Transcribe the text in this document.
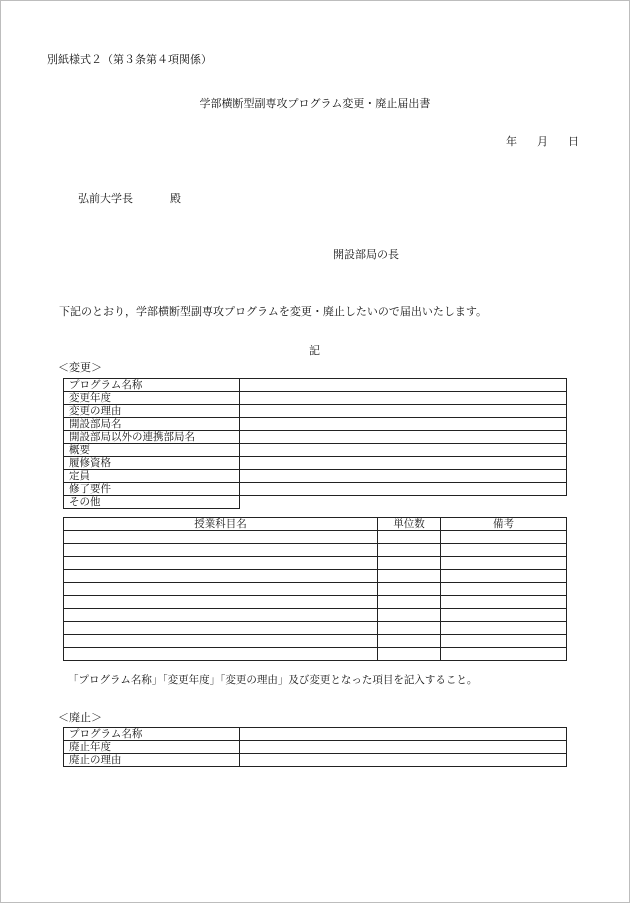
別紙様式２（第３条第４項関係）
学部横断型副専攻プログラム変更・廃止届出書
年 月 日
弘前大学長	殿
開設部局の長
下記のとおり，学部横断型副専攻プログラムを変更・廃止したいので届出いたします。
記
＜変更＞
プログラム名称	
変更年度	
変更の理由	
開設部局名	
開設部局以外の連携部局名	
概要	
履修資格	
定員	
修了要件	
その他	
授業科目名	単位数	備考

「プログラム名称」「変更年度」「変更の理由」及び変更となった項目を記入すること。
＜廃止＞
プログラム名称	
廃止年度	
廃止の理由	
